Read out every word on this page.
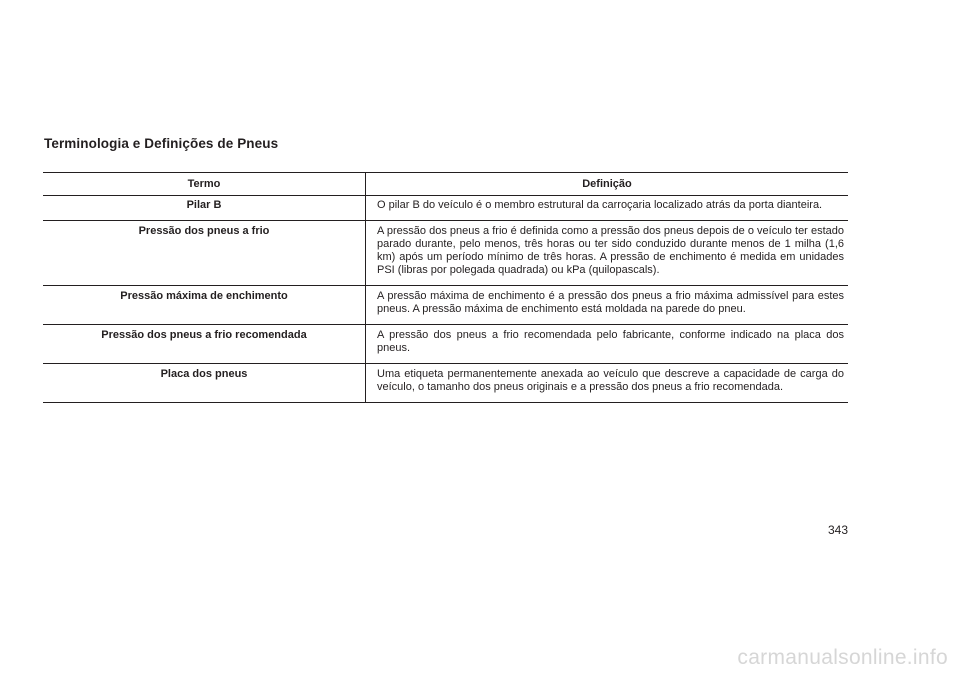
Terminologia e Definições de Pneus
Termo	Definição
Pilar B	O pilar B do veículo é o membro estrutural da carroçaria localizado atrás da porta dianteira.
Pressão dos pneus a frio	A pressão dos pneus a frio é definida como a pressão dos pneus depois de o veículo ter estado parado durante, pelo menos, três horas ou ter sido conduzido durante menos de 1 milha (1,6 km) após um período mínimo de três horas. A pressão de enchimento é medida em unidades PSI (libras por polegada quadrada) ou kPa (quilopascals).
Pressão máxima de enchimento	A pressão máxima de enchimento é a pressão dos pneus a frio máxima admissível para estes pneus. A pressão máxima de enchimento está moldada na parede do pneu.
Pressão dos pneus a frio recomendada	A pressão dos pneus a frio recomendada pelo fabricante, conforme indicado na placa dos pneus.
Placa dos pneus	Uma etiqueta permanentemente anexada ao veículo que descreve a capacidade de carga do veículo, o tamanho dos pneus originais e a pressão dos pneus a frio recomendada.
343
carmanualsonline.info
